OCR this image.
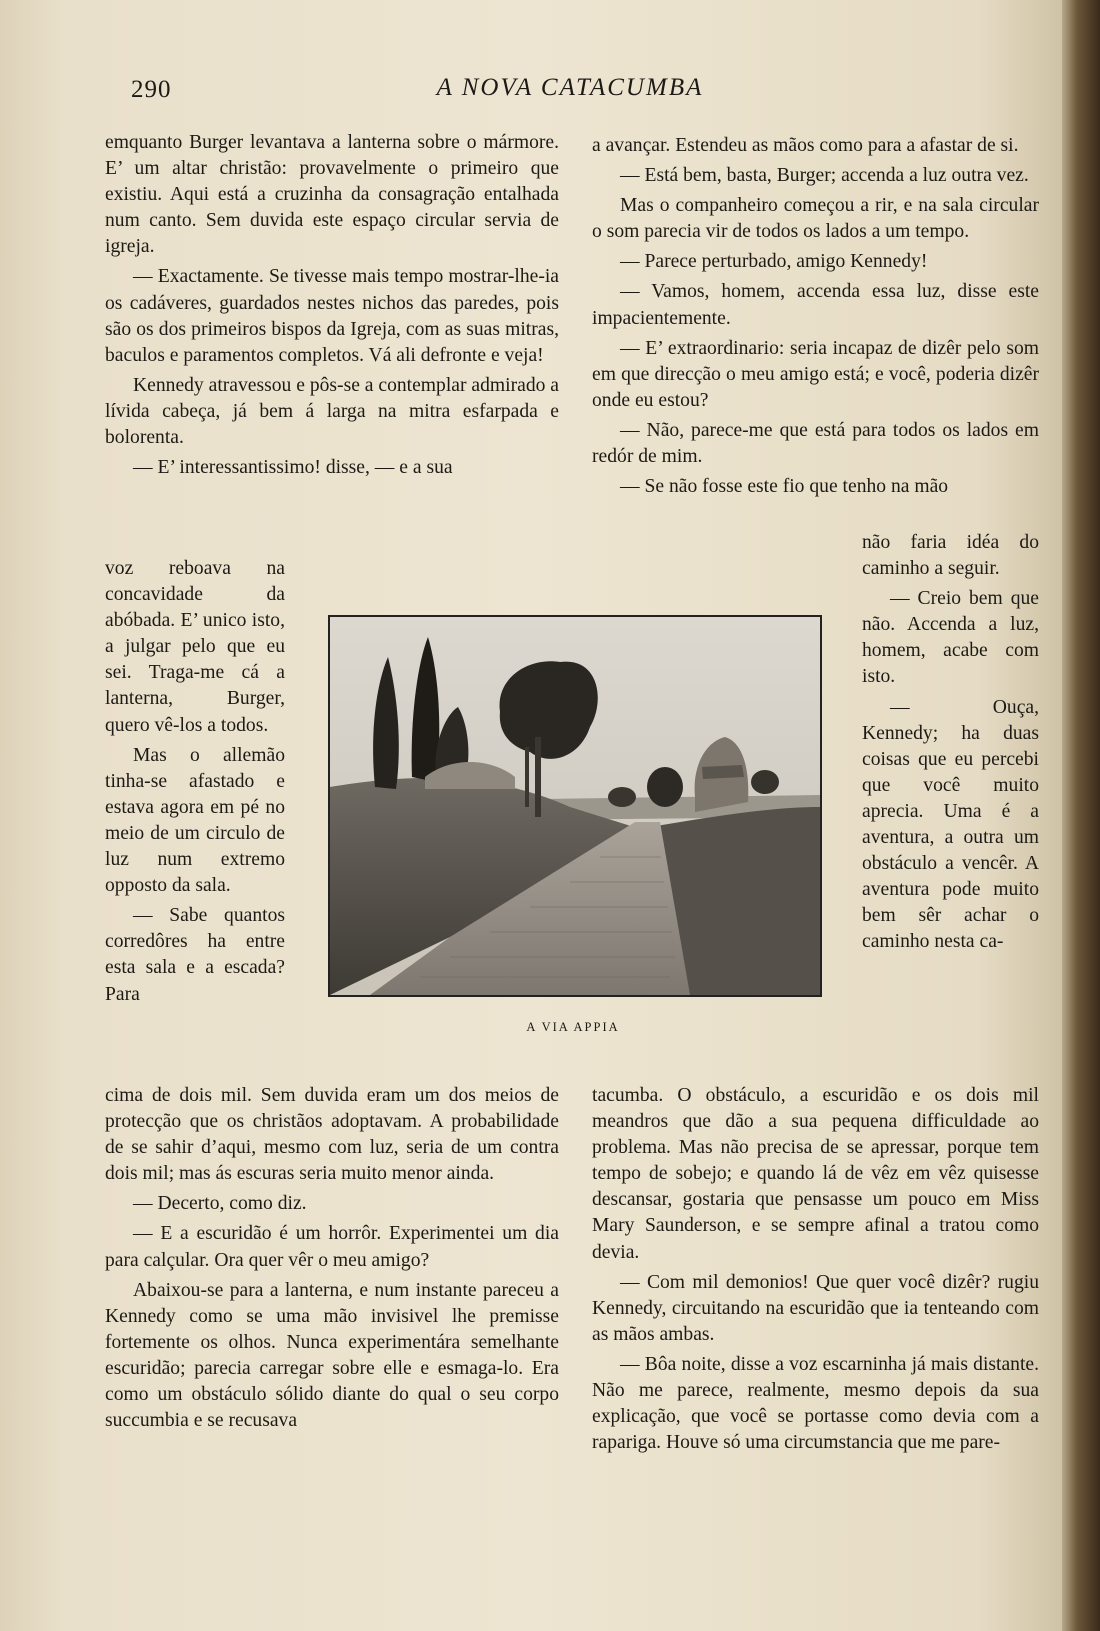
290	A NOVA CATACUMBA

emquanto Burger levantava a lanterna sobre o mármore. E’ um altar christão: provavelmente o primeiro que existiu. Aqui está a cruzinha da consagração entalhada num canto. Sem duvida este espaço circular servia de igreja.

— Exactamente. Se tivesse mais tempo mostrar-lhe-ia os cadáveres, guardados nestes nichos das paredes, pois são os dos primeiros bispos da Igreja, com as suas mitras, baculos e paramentos completos. Vá ali defronte e veja!

Kennedy atravessou e pôs-se a contemplar admirado a lívida cabeça, já bem á larga na mitra esfarpada e bolorenta.

— E’ interessantissimo! disse, — e a sua

voz reboava na concavidade da abóbada. E’ unico isto, a julgar pelo que eu sei. Traga-me cá a lanterna, Burger, quero vê-los a todos.

Mas o allemão tinha-se afastado e estava agora em pé no meio de um circulo de luz num extremo opposto da sala.

— Sabe quantos corredôres ha entre esta sala e a escada? Para

cima de dois mil. Sem duvida eram um dos meios de protecção que os christãos adoptavam. A probabilidade de se sahir d’aqui, mesmo com luz, seria de um contra dois mil; mas ás escuras seria muito menor ainda.

— Decerto, como diz.

— E a escuridão é um horrôr. Experimentei um dia para calçular. Ora quer vêr o meu amigo?

Abaixou-se para a lanterna, e num instante pareceu a Kennedy como se uma mão invisivel lhe premisse fortemente os olhos. Nunca experimentára semelhante escuridão; parecia carregar sobre elle e esmaga-lo. Era como um obstáculo sólido diante do qual o seu corpo succumbia e se recusava

a avançar. Estendeu as mãos como para a afastar de si.

— Está bem, basta, Burger; accenda a luz outra vez.

Mas o companheiro começou a rir, e na sala circular o som parecia vir de todos os lados a um tempo.

— Parece perturbado, amigo Kennedy!

— Vamos, homem, accenda essa luz, disse este impacientemente.

— E’ extraordinario: seria incapaz de dizêr pelo som em que direcção o meu amigo está; e você, poderia dizêr onde eu estou?

— Não, parece-me que está para todos os lados em redór de mim.

— Se não fosse este fio que tenho na mão

não faria idéa do caminho a seguir.

— Creio bem que não. Accenda a luz, homem, acabe com isto.

— Ouça, Kennedy; ha duas coisas que eu percebi que você muito aprecia. Uma é a aventura, a outra um obstáculo a vencêr. A aventura pode muito bem sêr achar o caminho nesta ca-

tacumba. O obstáculo, a escuridão e os dois mil meandros que dão a sua pequena difficuldade ao problema. Mas não precisa de se apressar, porque tem tempo de sobejo; e quando lá de vêz em vêz quisesse descansar, gostaria que pensasse um pouco em Miss Mary Saunderson, e se sempre afinal a tratou como devia.

— Com mil demonios! Que quer você dizêr? rugiu Kennedy, circuitando na escuridão que ia tenteando com as mãos ambas.

— Bôa noite, disse a voz escarninha já mais distante. Não me parece, realmente, mesmo depois da sua explicação, que você se portasse como devia com a rapariga. Houve só uma circumstancia que me pare-

A VIA APPIA
